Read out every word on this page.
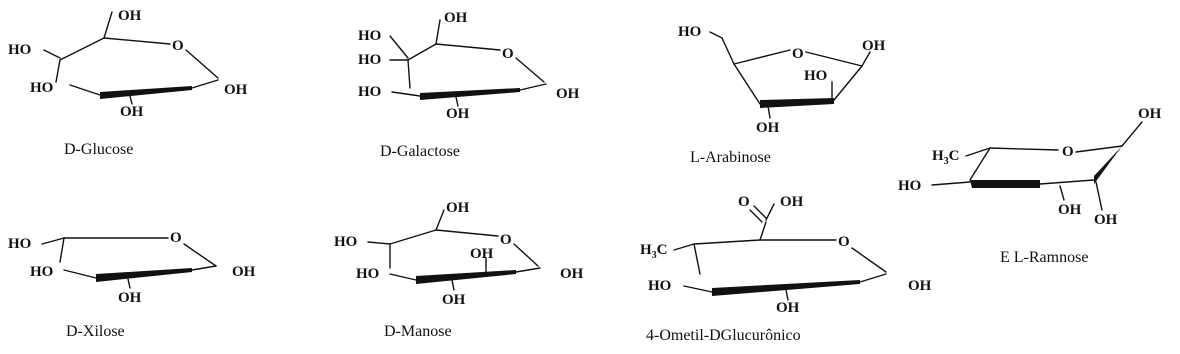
OH
HO	O
OH
HO
OH
D-Glucose
HO
OH
HO	O
OH
HO
OH
D-Galactose
HO
O	OH
HO
OH
L-Arabinose
OH
$H_3C$	O
HO
OH
OH
E L-Ramnose
HO	O
OH
HO
OH
D-Xilose
OH
HO	O
OH
HO
OH
OH
D-Manose
O OH
$H_3C$	O
OH
HO
OH
4-Ometil-DGlucurônico
